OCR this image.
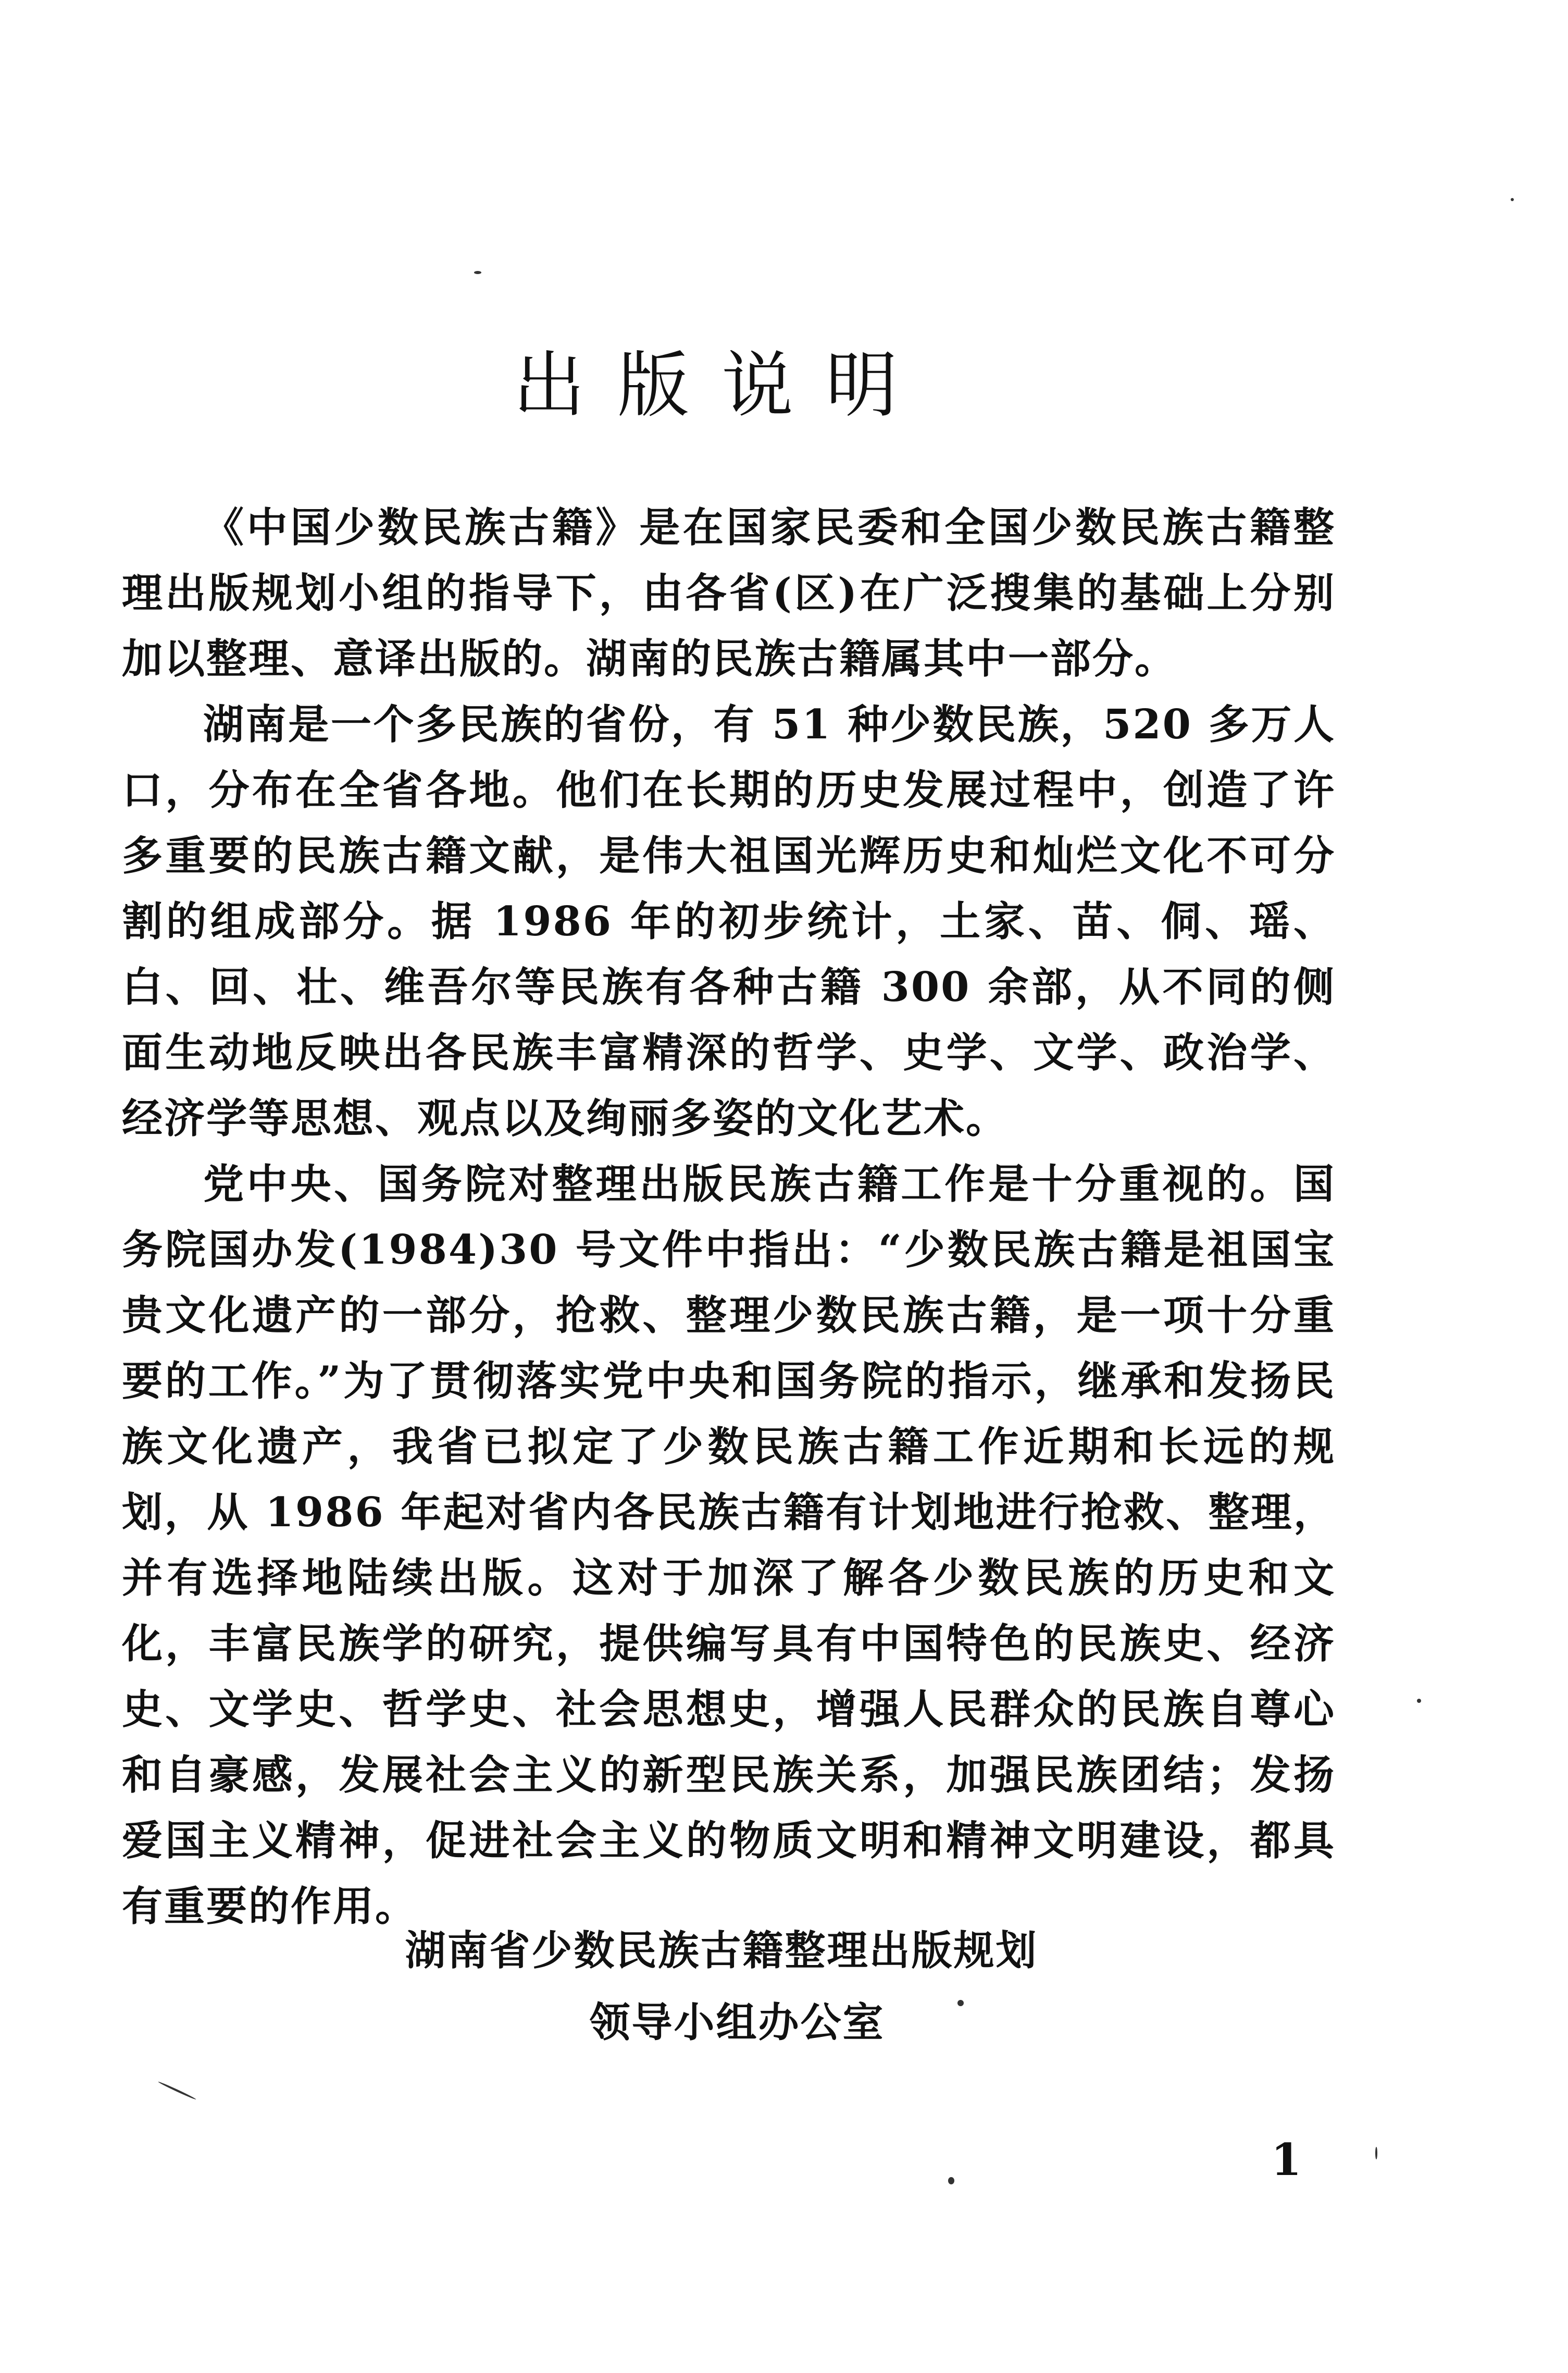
出版说明

《中国少数民族古籍》是在国家民委和全国少数民族古籍整理出版规划小组的指导下，由各省(区)在广泛搜集的基础上分别加以整理、意译出版的。湖南的民族古籍属其中一部分。

湖南是一个多民族的省份，有 51 种少数民族，520 多万人口，分布在全省各地。他们在长期的历史发展过程中，创造了许多重要的民族古籍文献，是伟大祖国光辉历史和灿烂文化不可分割的组成部分。据 1986 年的初步统计，土家、苗、侗、瑶、白、回、壮、维吾尔等民族有各种古籍 300 余部，从不同的侧面生动地反映出各民族丰富精深的哲学、史学、文学、政治学、经济学等思想、观点以及绚丽多姿的文化艺术。

党中央、国务院对整理出版民族古籍工作是十分重视的。国务院国办发(1984)30 号文件中指出：“少数民族古籍是祖国宝贵文化遗产的一部分，抢救、整理少数民族古籍，是一项十分重要的工作。”为了贯彻落实党中央和国务院的指示，继承和发扬民族文化遗产，我省已拟定了少数民族古籍工作近期和长远的规划，从 1986 年起对省内各民族古籍有计划地进行抢救、整理，并有选择地陆续出版。这对于加深了解各少数民族的历史和文化，丰富民族学的研究，提供编写具有中国特色的民族史、经济史、文学史、哲学史、社会思想史，增强人民群众的民族自尊心和自豪感，发展社会主义的新型民族关系，加强民族团结；发扬爱国主义精神，促进社会主义的物质文明和精神文明建设，都具有重要的作用。

湖南省少数民族古籍整理出版规划
领导小组办公室
1
